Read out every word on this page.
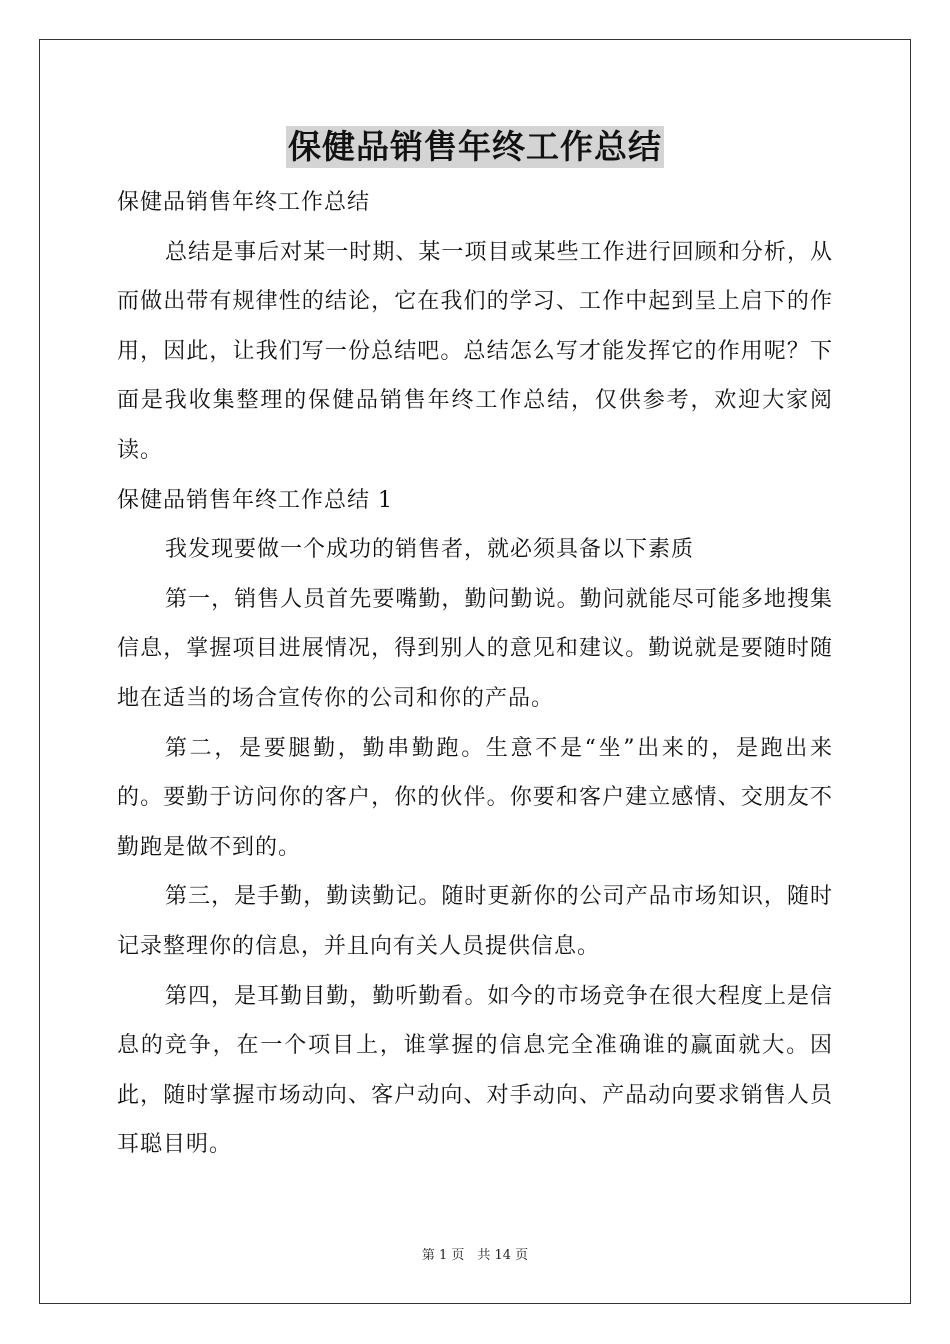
保健品销售年终工作总结

保健品销售年终工作总结

总结是事后对某一时期、某一项目或某些工作进行回顾和分析，从而做出带有规律性的结论，它在我们的学习、工作中起到呈上启下的作用，因此，让我们写一份总结吧。总结怎么写才能发挥它的作用呢？下面是我收集整理的保健品销售年终工作总结，仅供参考，欢迎大家阅读。

保健品销售年终工作总结 1

我发现要做一个成功的销售者，就必须具备以下素质

第一，销售人员首先要嘴勤，勤问勤说。勤问就能尽可能多地搜集信息，掌握项目进展情况，得到别人的意见和建议。勤说就是要随时随地在适当的场合宣传你的公司和你的产品。

第二，是要腿勤，勤串勤跑。生意不是“坐”出来的，是跑出来的。要勤于访问你的客户，你的伙伴。你要和客户建立感情、交朋友不勤跑是做不到的。

第三，是手勤，勤读勤记。随时更新你的公司产品市场知识，随时记录整理你的信息，并且向有关人员提供信息。

第四，是耳勤目勤，勤听勤看。如今的市场竞争在很大程度上是信息的竞争，在一个项目上，谁掌握的信息完全准确谁的赢面就大。因此，随时掌握市场动向、客户动向、对手动向、产品动向要求销售人员耳聪目明。

第 1 页　共 14 页
